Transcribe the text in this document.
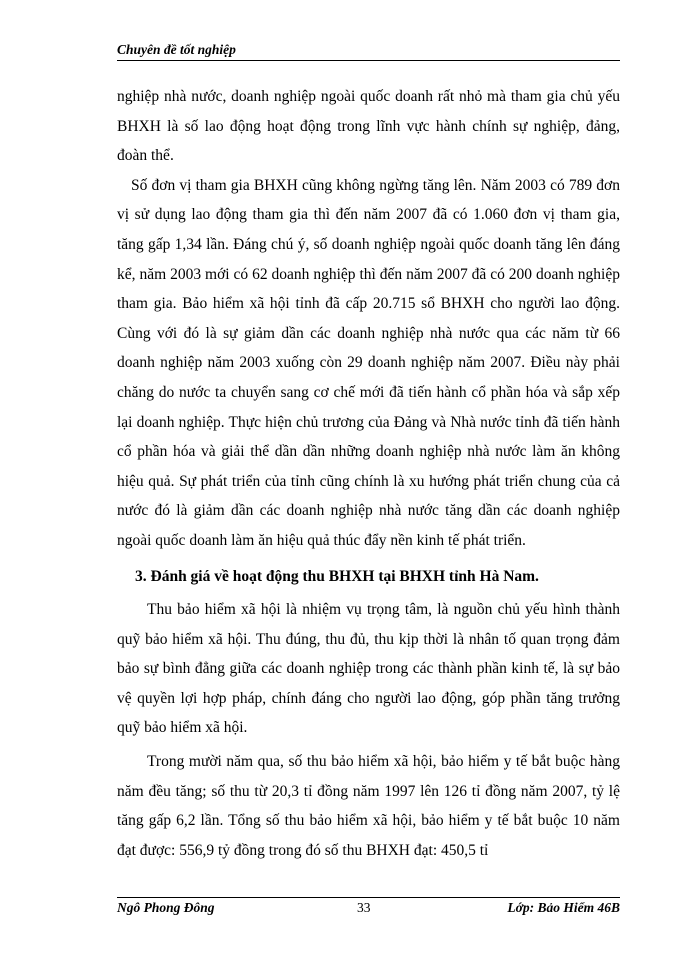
Chuyên đề tốt nghiệp

nghiệp nhà nước, doanh nghiệp ngoài quốc doanh rất nhỏ mà tham gia chủ yếu BHXH là số lao động hoạt động trong lĩnh vực hành chính sự nghiệp, đảng, đoàn thể.

Số đơn vị tham gia BHXH cũng không ngừng tăng lên. Năm 2003 có 789 đơn vị sử dụng lao động tham gia thì đến năm 2007 đã có 1.060 đơn vị tham gia, tăng gấp 1,34 lần. Đáng chú ý, số doanh nghiệp ngoài quốc doanh tăng lên đáng kể, năm 2003 mới có 62 doanh nghiệp thì đến năm 2007 đã có 200 doanh nghiệp tham gia. Bảo hiểm xã hội tỉnh đã cấp 20.715 sổ BHXH cho người lao động. Cùng với đó là sự giảm dần các doanh nghiệp nhà nước qua các năm từ 66 doanh nghiệp năm 2003 xuống còn 29 doanh nghiệp năm 2007. Điều này phải chăng do nước ta chuyển sang cơ chế mới đã tiến hành cổ phần hóa và sắp xếp lại doanh nghiệp. Thực hiện chủ trương của Đảng và Nhà nước tỉnh đã tiến hành cổ phần hóa và giải thể dần dần những doanh nghiệp nhà nước làm ăn không hiệu quả. Sự phát triển của tỉnh cũng chính là xu hướng phát triển chung của cả nước đó là giảm dần các doanh nghiệp nhà nước tăng dần các doanh nghiệp ngoài quốc doanh làm ăn hiệu quả thúc đẩy nền kinh tế phát triển.

3. Đánh giá về hoạt động thu BHXH tại BHXH tỉnh Hà Nam.

Thu bảo hiểm xã hội là nhiệm vụ trọng tâm, là nguồn chủ yếu hình thành quỹ bảo hiểm xã hội. Thu đúng, thu đủ, thu kịp thời là nhân tố quan trọng đảm bảo sự bình đẳng giữa các doanh nghiệp trong các thành phần kinh tế, là sự bảo vệ quyền lợi hợp pháp, chính đáng cho người lao động, góp phần tăng trưởng quỹ bảo hiểm xã hội.

Trong mười năm qua, số thu bảo hiểm xã hội, bảo hiểm y tế bắt buộc hàng năm đều tăng; số thu từ 20,3 tỉ đồng năm 1997 lên 126 tỉ đồng năm 2007, tỷ lệ tăng gấp 6,2 lần. Tổng số thu bảo hiểm xã hội, bảo hiểm y tế bắt buộc 10 năm đạt được: 556,9 tỷ đồng trong đó số thu BHXH đạt: 450,5 tỉ

Ngô Phong Đông	33	Lớp: Bảo Hiểm 46B
